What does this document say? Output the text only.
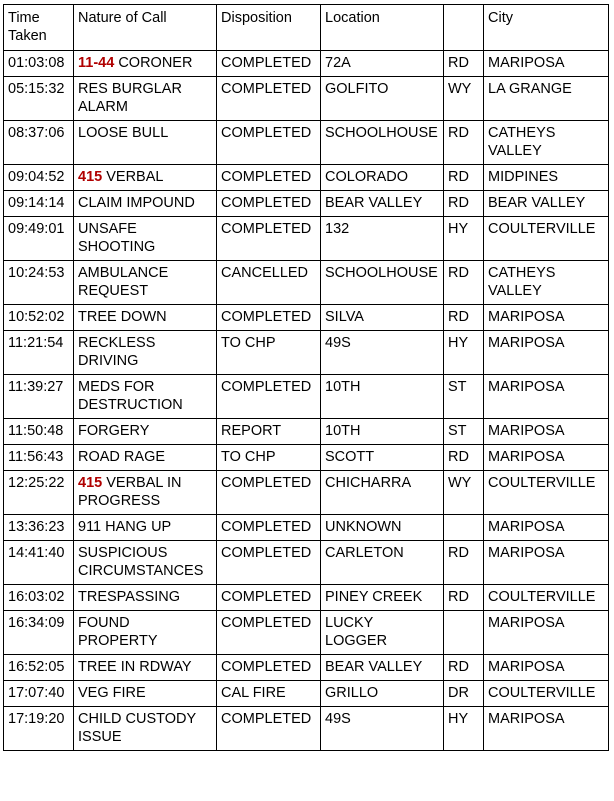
Time Taken	Nature of Call	Disposition	Location		City
01:03:08	11-44 CORONER	COMPLETED	72A	RD	MARIPOSA
05:15:32	RES BURGLAR ALARM	COMPLETED	GOLFITO	WY	LA GRANGE
08:37:06	LOOSE BULL	COMPLETED	SCHOOLHOUSE	RD	CATHEYS VALLEY
09:04:52	415 VERBAL	COMPLETED	COLORADO	RD	MIDPINES
09:14:14	CLAIM IMPOUND	COMPLETED	BEAR VALLEY	RD	BEAR VALLEY
09:49:01	UNSAFE SHOOTING	COMPLETED	132	HY	COULTERVILLE
10:24:53	AMBULANCE REQUEST	CANCELLED	SCHOOLHOUSE	RD	CATHEYS VALLEY
10:52:02	TREE DOWN	COMPLETED	SILVA	RD	MARIPOSA
11:21:54	RECKLESS DRIVING	TO CHP	49S	HY	MARIPOSA
11:39:27	MEDS FOR DESTRUCTION	COMPLETED	10TH	ST	MARIPOSA
11:50:48	FORGERY	REPORT	10TH	ST	MARIPOSA
11:56:43	ROAD RAGE	TO CHP	SCOTT	RD	MARIPOSA
12:25:22	415 VERBAL IN PROGRESS	COMPLETED	CHICHARRA	WY	COULTERVILLE
13:36:23	911 HANG UP	COMPLETED	UNKNOWN		MARIPOSA
14:41:40	SUSPICIOUS CIRCUMSTANCES	COMPLETED	CARLETON	RD	MARIPOSA
16:03:02	TRESPASSING	COMPLETED	PINEY CREEK	RD	COULTERVILLE
16:34:09	FOUND PROPERTY	COMPLETED	LUCKY LOGGER		MARIPOSA
16:52:05	TREE IN RDWAY	COMPLETED	BEAR VALLEY	RD	MARIPOSA
17:07:40	VEG FIRE	CAL FIRE	GRILLO	DR	COULTERVILLE
17:19:20	CHILD CUSTODY ISSUE	COMPLETED	49S	HY	MARIPOSA
